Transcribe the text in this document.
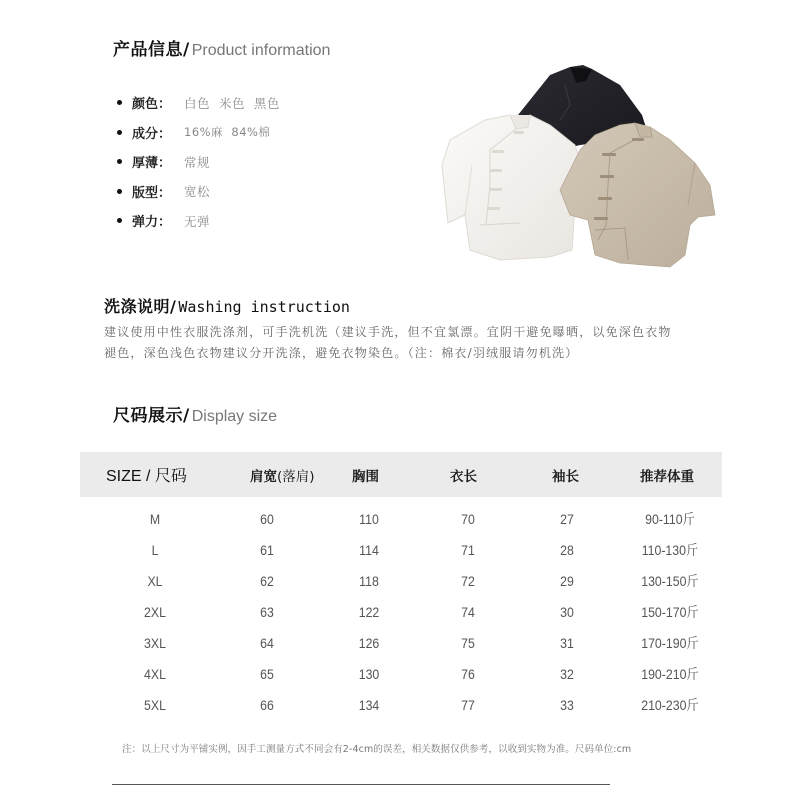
产品信息/ Product information
颜色：	白色  米色  黑色
成分：	16%麻  84%棉
厚薄：	常规
版型：	宽松
弹力：	无弹
洗涤说明/ Washing instruction
建议使用中性衣服洗涤剂，可手洗机洗（建议手洗，但不宜氯漂。宜阴干避免曝晒，以免深色衣物
褪色，深色浅色衣物建议分开洗涤，避免衣物染色。（注：棉衣/羽绒服请勿机洗）
尺码展示/ Display size
SIZE / 尺码	肩宽 (落肩)	胸围	衣长	袖长	推荐体重
M	60	110	70	27	90-110斤
L	61	114	71	28	110-130斤
XL	62	118	72	29	130-150斤
2XL	63	122	74	30	150-170斤
3XL	64	126	75	31	170-190斤
4XL	65	130	76	32	190-210斤
5XL	66	134	77	33	210-230斤
注：以上尺寸为平铺实例，因手工测量方式不同会有2-4cm的误差，相关数据仅供参考，以收到实物为准。尺码单位:cm
